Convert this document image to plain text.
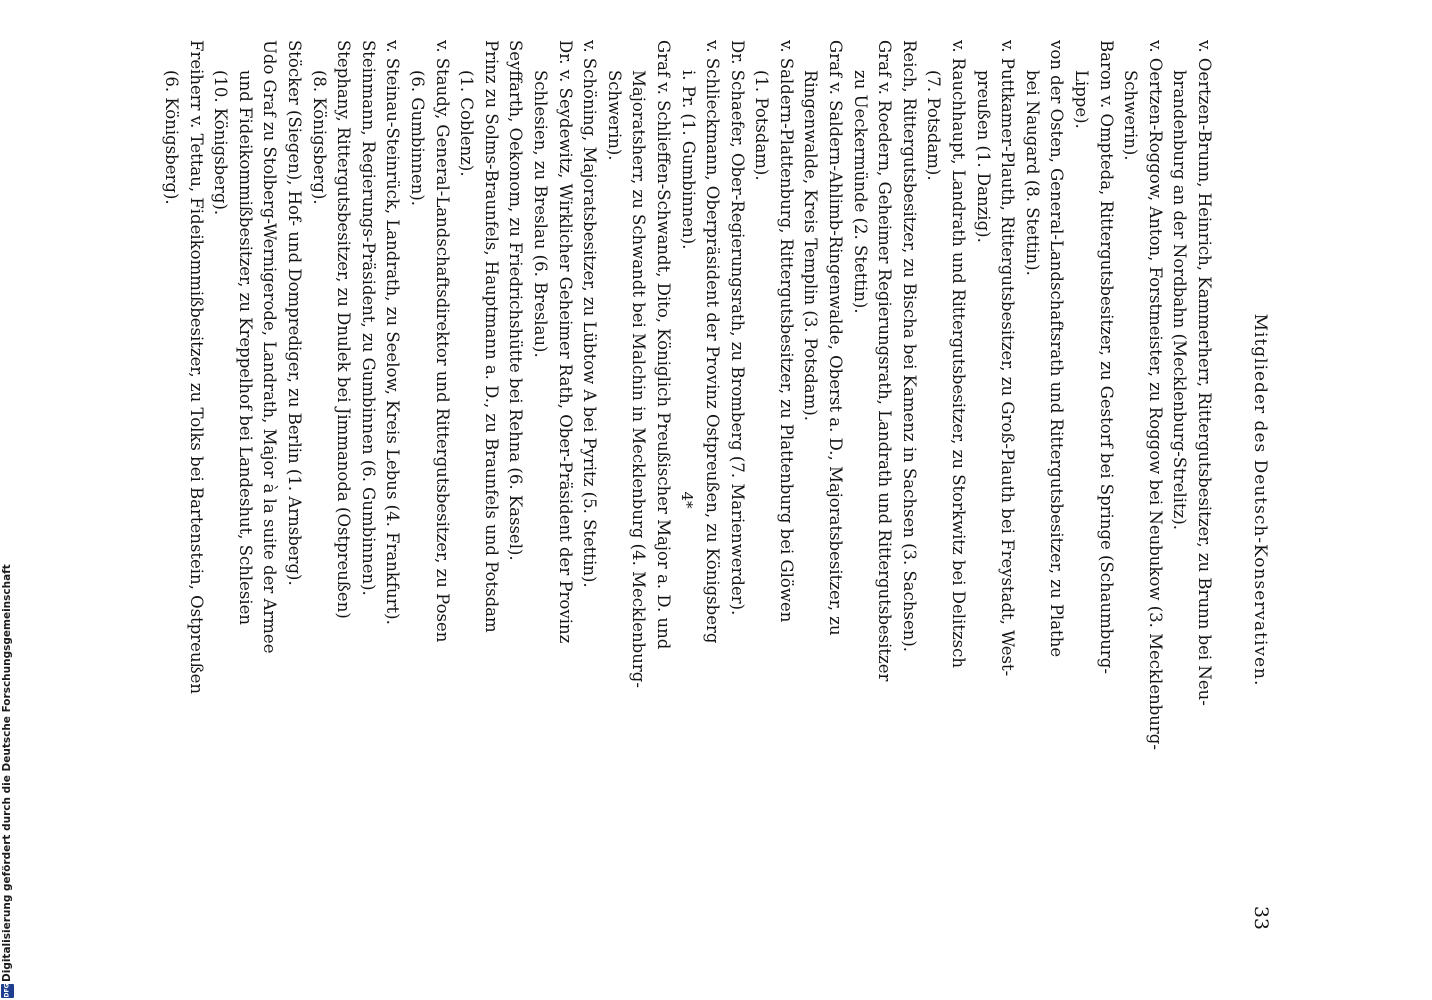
Mitglieder des Deutsch-Konservativen.
33
v. Oertzen-Brunn, Heinrich, Kammerherr, Rittergutsbesitzer, zu Brunn bei Neu-
brandenburg an der Nordbahn (Mecklenburg-Strelitz).
v. Oertzen-Roggow, Anton, Forstmeister, zu Roggow bei Neubukow (3. Mecklenburg-
Schwerin).
Baron v. Ompteda, Rittergutsbesitzer, zu Gestorf bei Springe (Schaumburg-
Lippe).
von der Osten, General-Landschaftsrath und Rittergutsbesitzer, zu Plathe
bei Naugard (8. Stettin).
v. Puttkamer-Plauth, Rittergutsbesitzer, zu Groß-Plauth bei Freystadt, West-
preußen (1. Danzig).
v. Rauchhaupt, Landrath und Rittergutsbesitzer, zu Storkwitz bei Delitzsch
(7. Potsdam).
Reich, Rittergutsbesitzer, zu Bischa bei Kamenz in Sachsen (3. Sachsen).
Graf v. Roedern, Geheimer Regierungsrath, Landrath und Rittergutsbesitzer
zu Ueckermünde (2. Stettin).
Graf v. Saldern-Ahlimb-Ringenwalde, Oberst a. D., Majoratsbesitzer, zu
Ringenwalde, Kreis Templin (3. Potsdam).
v. Saldern-Plattenburg, Rittergutsbesitzer, zu Plattenburg bei Glöwen
(1. Potsdam).
Dr. Schaefer, Ober-Regierungsrath, zu Bromberg (7. Marienwerder).
v. Schlieckmann, Oberpräsident der Provinz Ostpreußen, zu Königsberg
i. Pr. (1. Gumbinnen).
Graf v. Schlieffen-Schwandt, Dito, Königlich Preußischer Major a. D. und
Majoratsherr, zu Schwandt bei Malchin in Mecklenburg (4. Mecklenburg-
Schwerin).
v. Schöning, Majoratsbesitzer, zu Lübtow A bei Pyritz (5. Stettin).
Dr. v. Seydewitz, Wirklicher Geheimer Rath, Ober-Präsident der Provinz
Schlesien, zu Breslau (6. Breslau).
Seyffarth, Oekonom, zu Friedrichshütte bei Rehna (6. Kassel).
Prinz zu Solms-Braunfels, Hauptmann a. D., zu Braunfels und Potsdam
(1. Coblenz).
v. Staudy, General-Landschaftsdirektor und Rittergutsbesitzer, zu Posen
(6. Gumbinnen).
v. Steinau-Steinrück, Landrath, zu Seelow, Kreis Lebus (4. Frankfurt).
Steinmann, Regierungs-Präsident, zu Gumbinnen (6. Gumbinnen).
Stephany, Rittergutsbesitzer, zu Dnulek bei Jimmanoda (Ostpreußen)
(8. Königsberg).
Stöcker (Siegen), Hof- und Domprediger, zu Berlin (1. Arnsberg).
Udo Graf zu Stolberg-Wernigerode, Landrath, Major à la suite der Armee
und Fideikommißbesitzer, zu Kreppelhof bei Landeshut, Schlesien
(10. Königsberg).
Freiherr v. Tettau, Fideikommißbesitzer, zu Tolks bei Bartenstein, Ostpreußen
(6. Königsberg).
4*
Digitalisierung gefördert durch die Deutsche Forschungsgemeinschaft
DFG
